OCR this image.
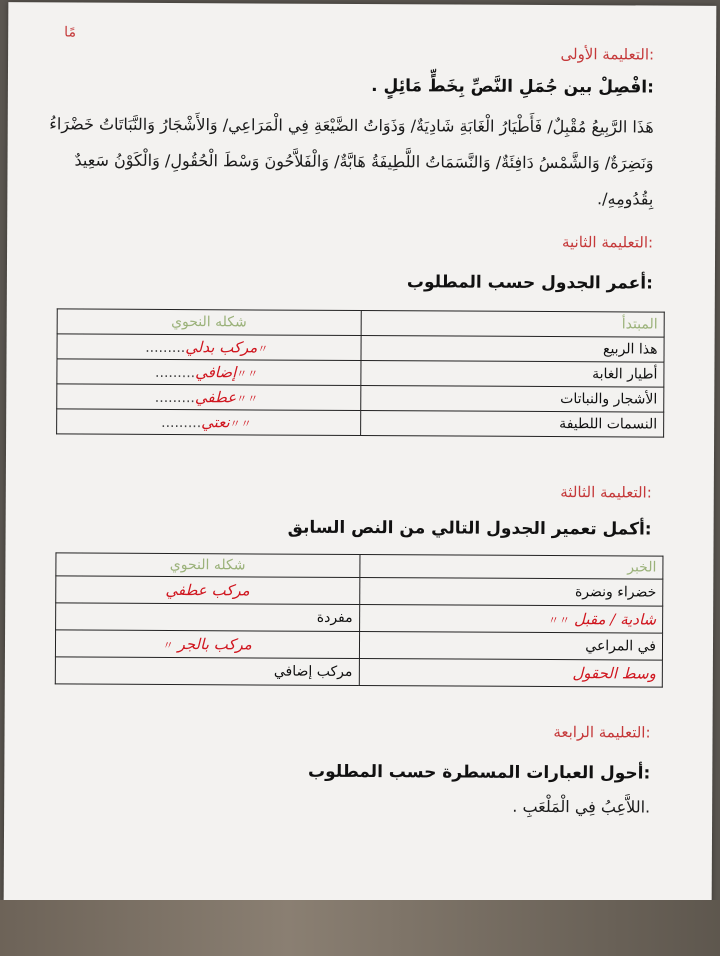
مًا
:التعليمة الأولى
:افْصِلْ بين جُمَلِ النَّصِّ بِخَطٍّ مَائِلٍ .
هَذَا الرَّبِيعُ مُقْبِلٌ/ فَأَطْيَارُ الْغَابَةِ شَادِيَةٌ/ وَذَوَاتُ الضَّيْعَةِ فِي الْمَرَاعِي/ وَالأَشْجَارُ وَالنَّبَاتَاتُ خَضْرَاءُ وَنَضِرَةٌ/ وَالشَّمْسُ دَافِئَةٌ/ وَالنَّسَمَاتُ اللَّطِيفَةُ هَابَّةٌ/ وَالْفَلاَّحُونَ وَسْطَ الْحُقُولِ/ وَالْكَوْنُ سَعِيدٌ بِقُدُومِهِ/.
:التعليمة الثانية
:أعمر الجدول حسب المطلوب
المبتدأ	شكله النحوي
هذا الربيع	〃مركب بدلي.........
أطيار الغابة	〃〃إضافي.........
الأشجار والنباتات	〃〃عطفي.........
النسمات اللطيفة	〃〃نعتي.........
:التعليمة الثالثة
:أكمل تعمير الجدول التالي من النص السابق
الخبر	شكله النحوي
خضراء ونضرة	مركب عطفي
شادية / مقبل〃〃	مفردة
في المراعي	مركب بالجر〃
وسط الحقول	مركب إضافي
:التعليمة الرابعة
:أحول العبارات المسطرة حسب المطلوب
.اللاَّعِبُ فِي الْمَلْعَبِ .
